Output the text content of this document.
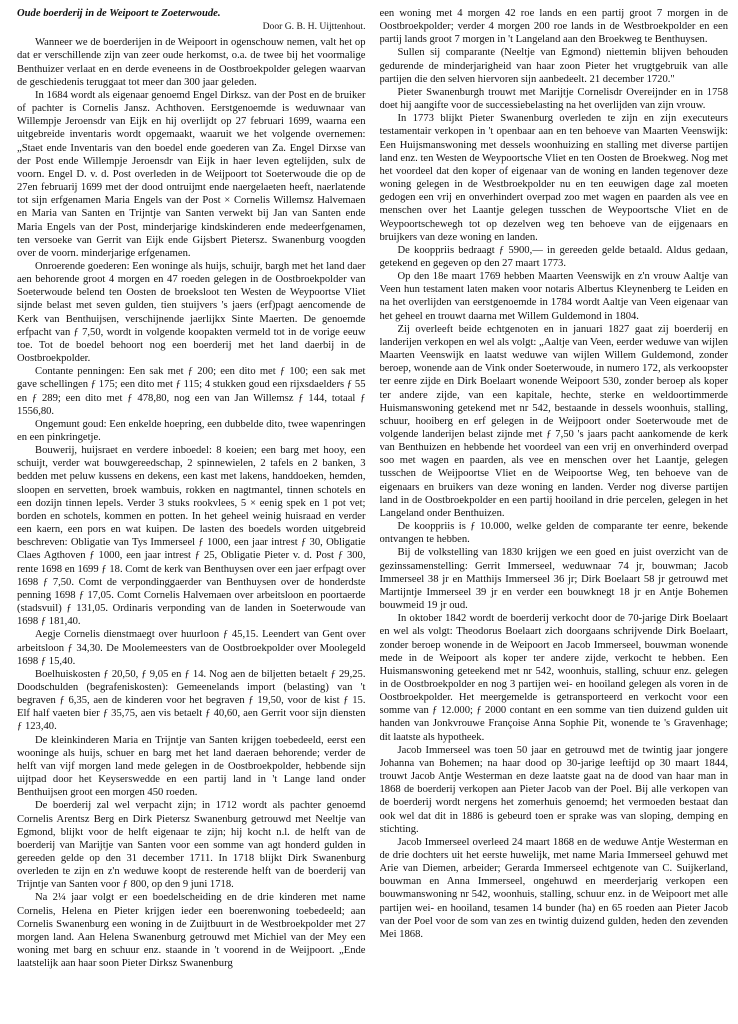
Oude boerderij in de Weipoort te Zoeterwoude.

Door G. B. H. Uijttenhout.

Wanneer we de boerderijen in de Weipoort in ogenschouw nemen, valt het op dat er verschillende zijn van zeer oude herkomst, o.a. de twee bij het voormalige Benthuizer verlaat en en derde eveneens in de Oostbroekpolder gelegen waarvan de geschiedenis teruggaat tot meer dan 300 jaar geleden.

In 1684 wordt als eigenaar genoemd Engel Dirksz. van der Post en de bruiker of pachter is Cornelis Jansz. Achthoven. Eerstgenoemde is weduwnaar van Willempje Jeroensdr van Eijk en hij overlijdt op 27 februari 1699, waarna een uitgebreide inventaris wordt opgemaakt, waaruit we het volgende overnemen: „Staet ende Inventaris van den boedel ende goederen van Za. Engel Dirxse van der Post ende Willempje Jeroensdr van Eijk in haer leven egtelijden, sulx de voorn. Engel D. v. d. Post overleden in de Weijpoort tot Soeterwoude die op de 27en februarij 1699 met der dood ontruijmt ende naergelaeten heeft, naerlatende tot sijn erfgenamen Maria Engels van der Post × Cornelis Willemsz Halvemaen en Maria van Santen en Trijntje van Santen verwekt bij Jan van Santen ende Maria Engels van der Post, minderjarige kindskinderen ende medeerfgenamen, ten versoeke van Gerrit van Eijk ende Gijsbert Pietersz. Swanenburg voogden over de voorn. minderjarige erfgenamen.

Onroerende goederen: Een woninge als huijs, schuijr, bargh met het land daer aen behorende groot 4 morgen en 47 roeden gelegen in de Oostbroekpolder van Soeterwoude belend ten Oosten de broeksloot ten Westen de Weypoortse Vliet sijnde belast met seven gulden, tien stuijvers 's jaers (erf)pagt aencomende de Kerk van Benthuijsen, verschijnende jaerlijkx Sinte Maerten. De genoemde erfpacht van ƒ 7,50, wordt in volgende koopakten vermeld tot in de vorige eeuw toe. Tot de boedel behoort nog een boerderij met het land daerbij in de Oostbroekpolder.

Contante penningen: Een sak met ƒ 200; een dito met ƒ 100; een sak met gave schellingen ƒ 175; een dito met ƒ 115; 4 stukken goud een rijxsdaelders ƒ 55 en ƒ 289; een dito met ƒ 478,80, nog een van Jan Willemsz ƒ 144, totaal ƒ 1556,80.

Ongemunt goud: Een enkelde hoepring, een dubbelde dito, twee wapenringen en een pinkringetje.

Bouwerij, huijsraet en verdere inboedel: 8 koeien; een barg met hooy, een schuijt, verder wat bouwgereedschap, 2 spinnewielen, 2 tafels en 2 banken, 3 bedden met peluw kussens en dekens, een kast met lakens, handdoeken, hemden, sloopen en servetten, broek wambuis, rokken en nagtmantel, tinnen schotels en een dozijn tinnen lepels. Verder 3 stuks rookvlees, 5 × eenig spek en 1 pot vet; borden en schotels, kommen en potten. In het geheel weinig huisraad en verder een kaern, een pors en wat kuipen. De lasten des boedels worden uitgebreid beschreven: Obligatie van Tys Immerseel ƒ 1000, een jaar intrest ƒ 30, Obligatie Claes Agthoven ƒ 1000, een jaar intrest ƒ 25, Obligatie Pieter v. d. Post ƒ 300, rente 1698 en 1699 ƒ 18. Comt de kerk van Benthuysen over een jaer erfpagt over 1698 ƒ 7,50. Comt de verpondinggaerder van Benthuysen over de honderdste penning 1698 ƒ 17,05. Comt Cornelis Halvemaen over arbeitsloon en poortaerde (stadsvuil) ƒ 131,05. Ordinaris verponding van de landen in Soeterwoude van 1698 ƒ 181,40.

Aegje Cornelis dienstmaegt over huurloon ƒ 45,15. Leendert van Gent over arbeitsloon ƒ 34,30. De Moolemeesters van de Oostbroekpolder over Moolegeld 1698 ƒ 15,40.

Boelhuiskosten ƒ 20,50, ƒ 9,05 en ƒ 14. Nog aen de biljetten betaelt ƒ 29,25. Doodschulden (begrafeniskosten): Gemeenelands import (belasting) van 't begraven ƒ 6,35, aen de kinderen voor het begraven ƒ 19,50, voor de kist ƒ 15. Elf half vaeten bier ƒ 35,75, aen vis betaelt ƒ 40,60, aen Gerrit voor sijn diensten ƒ 123,40.

De kleinkinderen Maria en Trijntje van Santen krijgen toebedeeld, eerst een wooninge als huijs, schuer en barg met het land daeraen behorende; verder de helft van vijf morgen land mede gelegen in de Oostbroekpolder, hebbende sijn uijtpad door het Keyserswedde en een partij land in 't Lange land onder Benthuijsen groot een morgen 450 roeden.

De boerderij zal wel verpacht zijn; in 1712 wordt als pachter genoemd Cornelis Arentsz Berg en Dirk Pietersz Swanenburg getrouwd met Neeltje van Egmond, blijkt voor de helft eigenaar te zijn; hij kocht n.l. de helft van de boerderij van Marijtje van Santen voor een somme van agt honderd gulden in gereeden gelde op den 31 december 1711. In 1718 blijkt Dirk Swanenburg overleden te zijn en z'n weduwe koopt de resterende helft van de boerderij van Trijntje van Santen voor ƒ 800, op den 9 juni 1718.

Na 2¼ jaar volgt er een boedelscheiding en de drie kinderen met name Cornelis, Helena en Pieter krijgen ieder een boerenwoning toebedeeld; aan Cornelis Swanenburg een woning in de Zuijtbuurt in de Westbroekpolder met 27 morgen land. Aan Helena Swanenburg getrouwd met Michiel van der Mey een woning met barg en schuur enz. staande in 't voorend in de Weijpoort. „Ende laatstelijk aan haar soon Pieter Dirksz Swanenburg

een woning met 4 morgen 42 roe lands en een partij groot 7 morgen in de Oostbroekpolder; verder 4 morgen 200 roe lands in de Westbroekpolder en een partij lands groot 7 morgen in 't Langeland aan den Broekweg te Benthuysen.

Sullen sij comparante (Neeltje van Egmond) niettemin blijven behouden gedurende de minderjarigheid van haar zoon Pieter het vrugtgebruik van alle partijen die den selven hiervoren sijn aanbedeelt. 21 december 1720."

Pieter Swanenburgh trouwt met Marijtje Cornelisdr Overeijnder en in 1758 doet hij aangifte voor de successiebelasting na het overlijden van zijn vrouw.

In 1773 blijkt Pieter Swanenburg overleden te zijn en zijn executeurs testamentair verkopen in 't openbaar aan en ten behoeve van Maarten Veenswijk: Een Huijsmanswoning met dessels woonhuizing en stalling met diverse partijen land enz. ten Westen de Weypoortsche Vliet en ten Oosten de Broekweg. Nog met het voordeel dat den koper of eigenaar van de woning en landen tegenover deze woning gelegen in de Westbroekpolder nu en ten eeuwigen dage zal moeten gedogen een vrij en onverhindert overpad zoo met wagen en paarden als vee en menschen over het Laantje gelegen tusschen de Weypoortsche Vliet en de Weypoortschewegh tot op dezelven weg ten behoeve van de eijgenaars en bruijkers van deze woning en landen.

De kooppriis bedraagt ƒ 5900,— in gereeden gelde betaald. Aldus gedaan, getekend en gegeven op den 27 maart 1773.

Op den 18e maart 1769 hebben Maarten Veenswijk en z'n vrouw Aaltje van Veen hun testament laten maken voor notaris Albertus Kleynenberg te Leiden en na het overlijden van eerstgenoemde in 1784 wordt Aaltje van Veen eigenaar van het geheel en trouwt daarna met Willem Guldemond in 1804.

Zij overleeft beide echtgenoten en in januari 1827 gaat zij boerderij en landerijen verkopen en wel als volgt: „Aaltje van Veen, eerder weduwe van wijlen Maarten Veenswijk en laatst weduwe van wijlen Willem Guldemond, zonder beroep, wonende aan de Vink onder Soeterwoude, in numero 172, als verkoopster ter eenre zijde en Dirk Boelaart wonende Weipoort 530, zonder beroep als koper ter andere zijde, van een kapitale, hechte, sterke en weldoortimmerde Huismanswoning getekend met nr 542, bestaande in dessels woonhuis, stalling, schuur, hooiberg en erf gelegen in de Weijpoort onder Soeterwoude met de volgende landerijen belast zijnde met ƒ 7,50 's jaars pacht aankomende de kerk van Benthuizen en hebbende het voordeel van een vrij en onverhinderd overpad soo met wagen en paarden, als vee en menschen over het Laantje, gelegen tusschen de Weijpoortse Vliet en de Weipoortse Weg, ten behoeve van de eigenaars en bruikers van deze woning en landen. Verder nog diverse partijen land in de Oostbroekpolder en een partij hooiland in drie percelen, gelegen in het Langeland onder Benthuizen.

De kooppriis is ƒ 10.000, welke gelden de comparante ter eenre, bekende ontvangen te hebben.

Bij de volkstelling van 1830 krijgen we een goed en juist overzicht van de gezinssamenstelling: Gerrit Immerseel, weduwnaar 74 jr, bouwman; Jacob Immerseel 38 jr en Matthijs Immerseel 36 jr; Dirk Boelaart 58 jr getrouwd met Martijntje Immerseel 39 jr en verder een bouwknegt 18 jr en Antje Bohemen bouwmeid 19 jr oud.

In oktober 1842 wordt de boerderij verkocht door de 70-jarige Dirk Boelaart en wel als volgt: Theodorus Boelaart zich doorgaans schrijvende Dirk Boelaart, zonder beroep wonende in de Weipoort en Jacob Immerseel, bouwman wonende mede in de Weipoort als koper ter andere zijde, verkocht te hebben. Een Huismanswoning geteekend met nr 542, woonhuis, stalling, schuur enz. gelegen in de Oostbroekpolder en nog 3 partijen wei- en hooiland gelegen als voren in de Oostbroekpolder. Het meergemelde is getransporteerd en verkocht voor een somme van ƒ 12.000; ƒ 2000 contant en een somme van tien duizend gulden uit handen van Jonkvrouwe Françoise Anna Sophie Pit, wonende te 's Gravenhage; dit laatste als hypotheek.

Jacob Immerseel was toen 50 jaar en getrouwd met de twintig jaar jongere Johanna van Bohemen; na haar dood op 30-jarige leeftijd op 30 maart 1844, trouwt Jacob Antje Westerman en deze laatste gaat na de dood van haar man in 1868 de boerderij verkopen aan Pieter Jacob van der Poel. Bij alle verkopen van de boerderij wordt nergens het zomerhuis genoemd; het vermoeden bestaat dan ook wel dat dit in 1886 is gebeurd toen er sprake was van sloping, demping en stichting.

Jacob Immerseel overleed 24 maart 1868 en de weduwe Antje Westerman en de drie dochters uit het eerste huwelijk, met name Maria Immerseel gehuwd met Arie van Diemen, arbeider; Gerarda Immerseel echtgenote van C. Suijkerland, bouwman en Anna Immerseel, ongehuwd en meerderjarig verkopen een bouwmanswoning nr 542, woonhuis, stalling, schuur enz. in de Weipoort met alle partijen wei- en hooiland, tesamen 14 bunder (ha) en 65 roeden aan Pieter Jacob van der Poel voor de som van zes en twintig duizend gulden, heden den zevenden Mei 1868.
